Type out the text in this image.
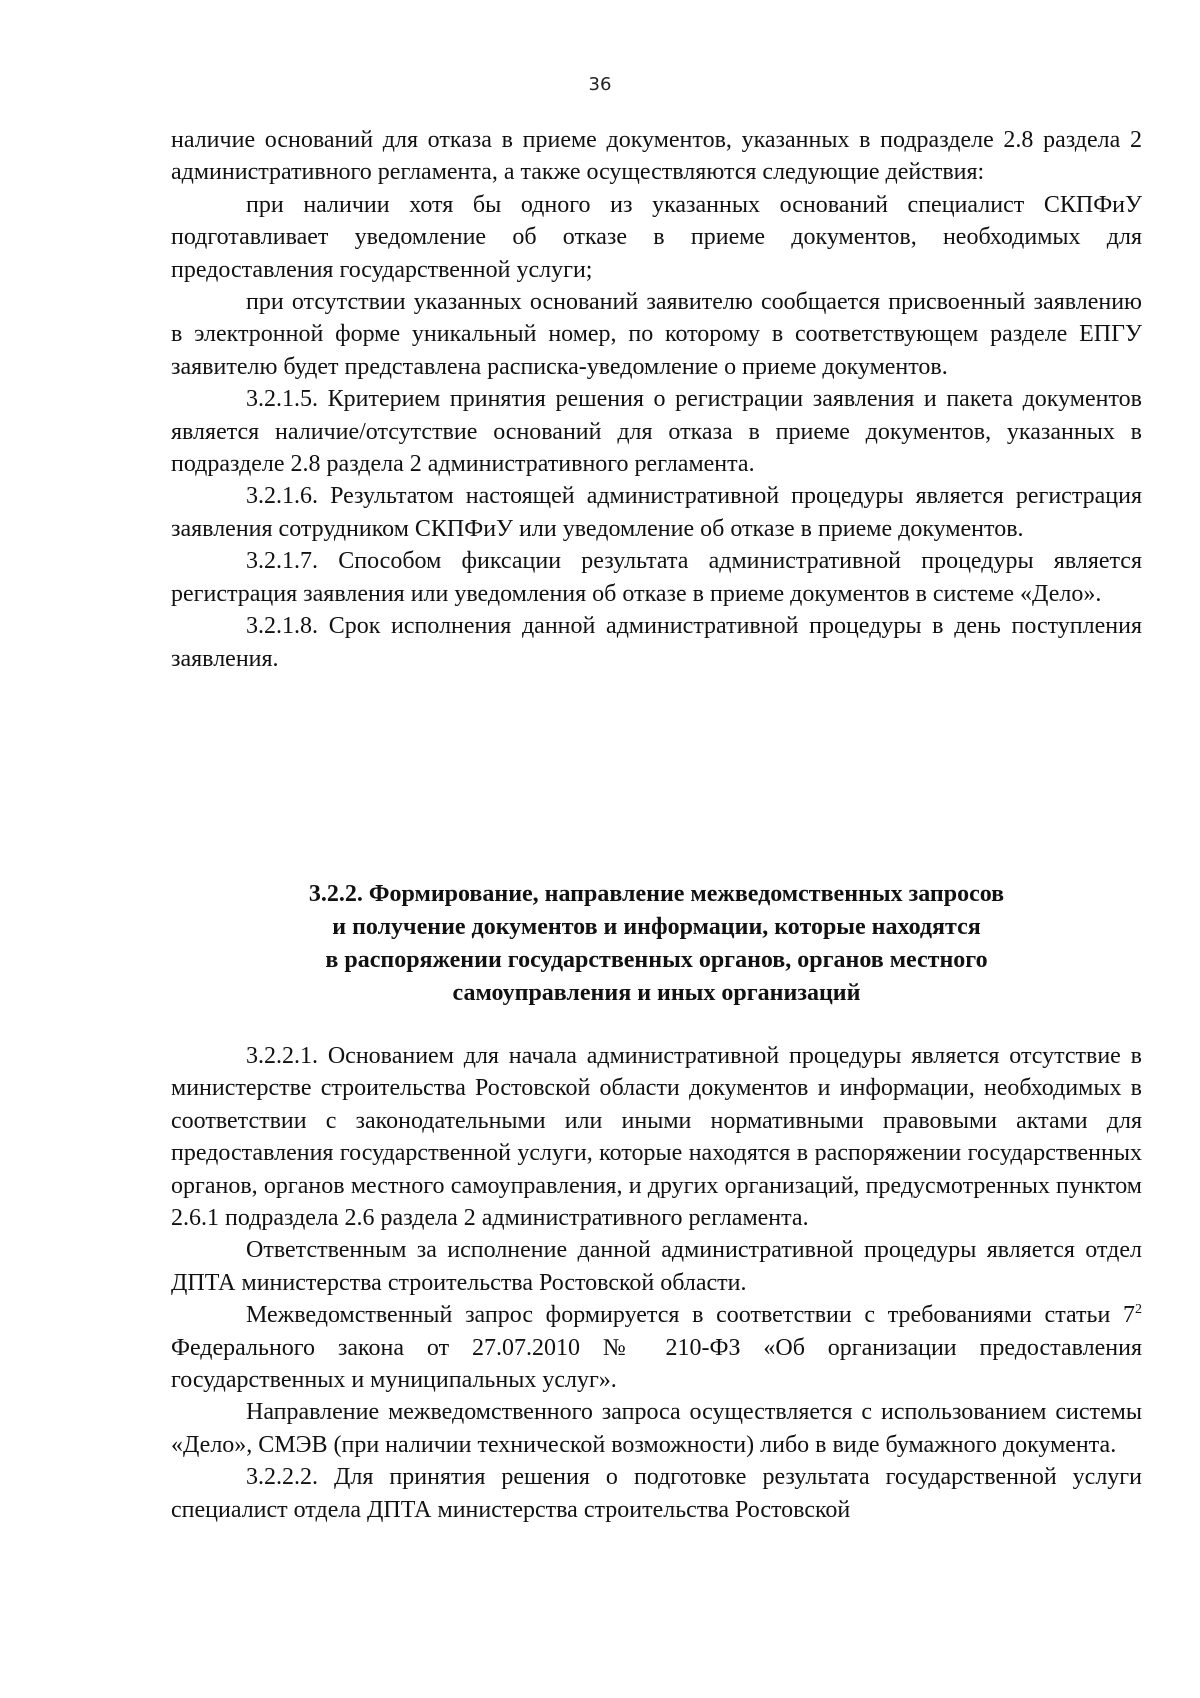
36

наличие оснований для отказа в приеме документов, указанных в подразделе 2.8 раздела 2 административного регламента, а также осуществляются следующие действия:

при наличии хотя бы одного из указанных оснований специалист СКПФиУ подготавливает уведомление об отказе в приеме документов, необходимых для предоставления государственной услуги;

при отсутствии указанных оснований заявителю сообщается присвоенный заявлению в электронной форме уникальный номер, по которому в соответствующем разделе ЕПГУ заявителю будет представлена расписка-уведомление о приеме документов.

3.2.1.5. Критерием принятия решения о регистрации заявления и пакета документов является наличие/отсутствие оснований для отказа в приеме документов, указанных в подразделе 2.8 раздела 2 административного регламента.

3.2.1.6. Результатом настоящей административной процедуры является регистрация заявления сотрудником СКПФиУ или уведомление об отказе в приеме документов.

3.2.1.7. Способом фиксации результата административной процедуры является регистрация заявления или уведомления об отказе в приеме документов в системе «Дело».

3.2.1.8. Срок исполнения данной административной процедуры в день поступления заявления.

3.2.2. Формирование, направление межведомственных запросов

и получение документов и информации, которые находятся

в распоряжении государственных органов, органов местного

самоуправления и иных организаций

3.2.2.1. Основанием для начала административной процедуры является отсутствие в министерстве строительства Ростовской области документов и информации, необходимых в соответствии с законодательными или иными нормативными правовыми актами для предоставления государственной услуги, которые находятся в распоряжении государственных органов, органов местного самоуправления, и других организаций, предусмотренных пунктом 2.6.1 подраздела 2.6 раздела 2 административного регламента.

Ответственным за исполнение данной административной процедуры является отдел ДПТА министерства строительства Ростовской области.

Межведомственный запрос формируется в соответствии с требованиями статьи $7^2$ Федерального закона от 27.07.2010 № 210-ФЗ «Об организации предоставления государственных и муниципальных услуг».

Направление межведомственного запроса осуществляется с использованием системы «Дело», СМЭВ (при наличии технической возможности) либо в виде бумажного документа.

3.2.2.2. Для принятия решения о подготовке результата государственной услуги специалист отдела ДПТА министерства строительства Ростовской
